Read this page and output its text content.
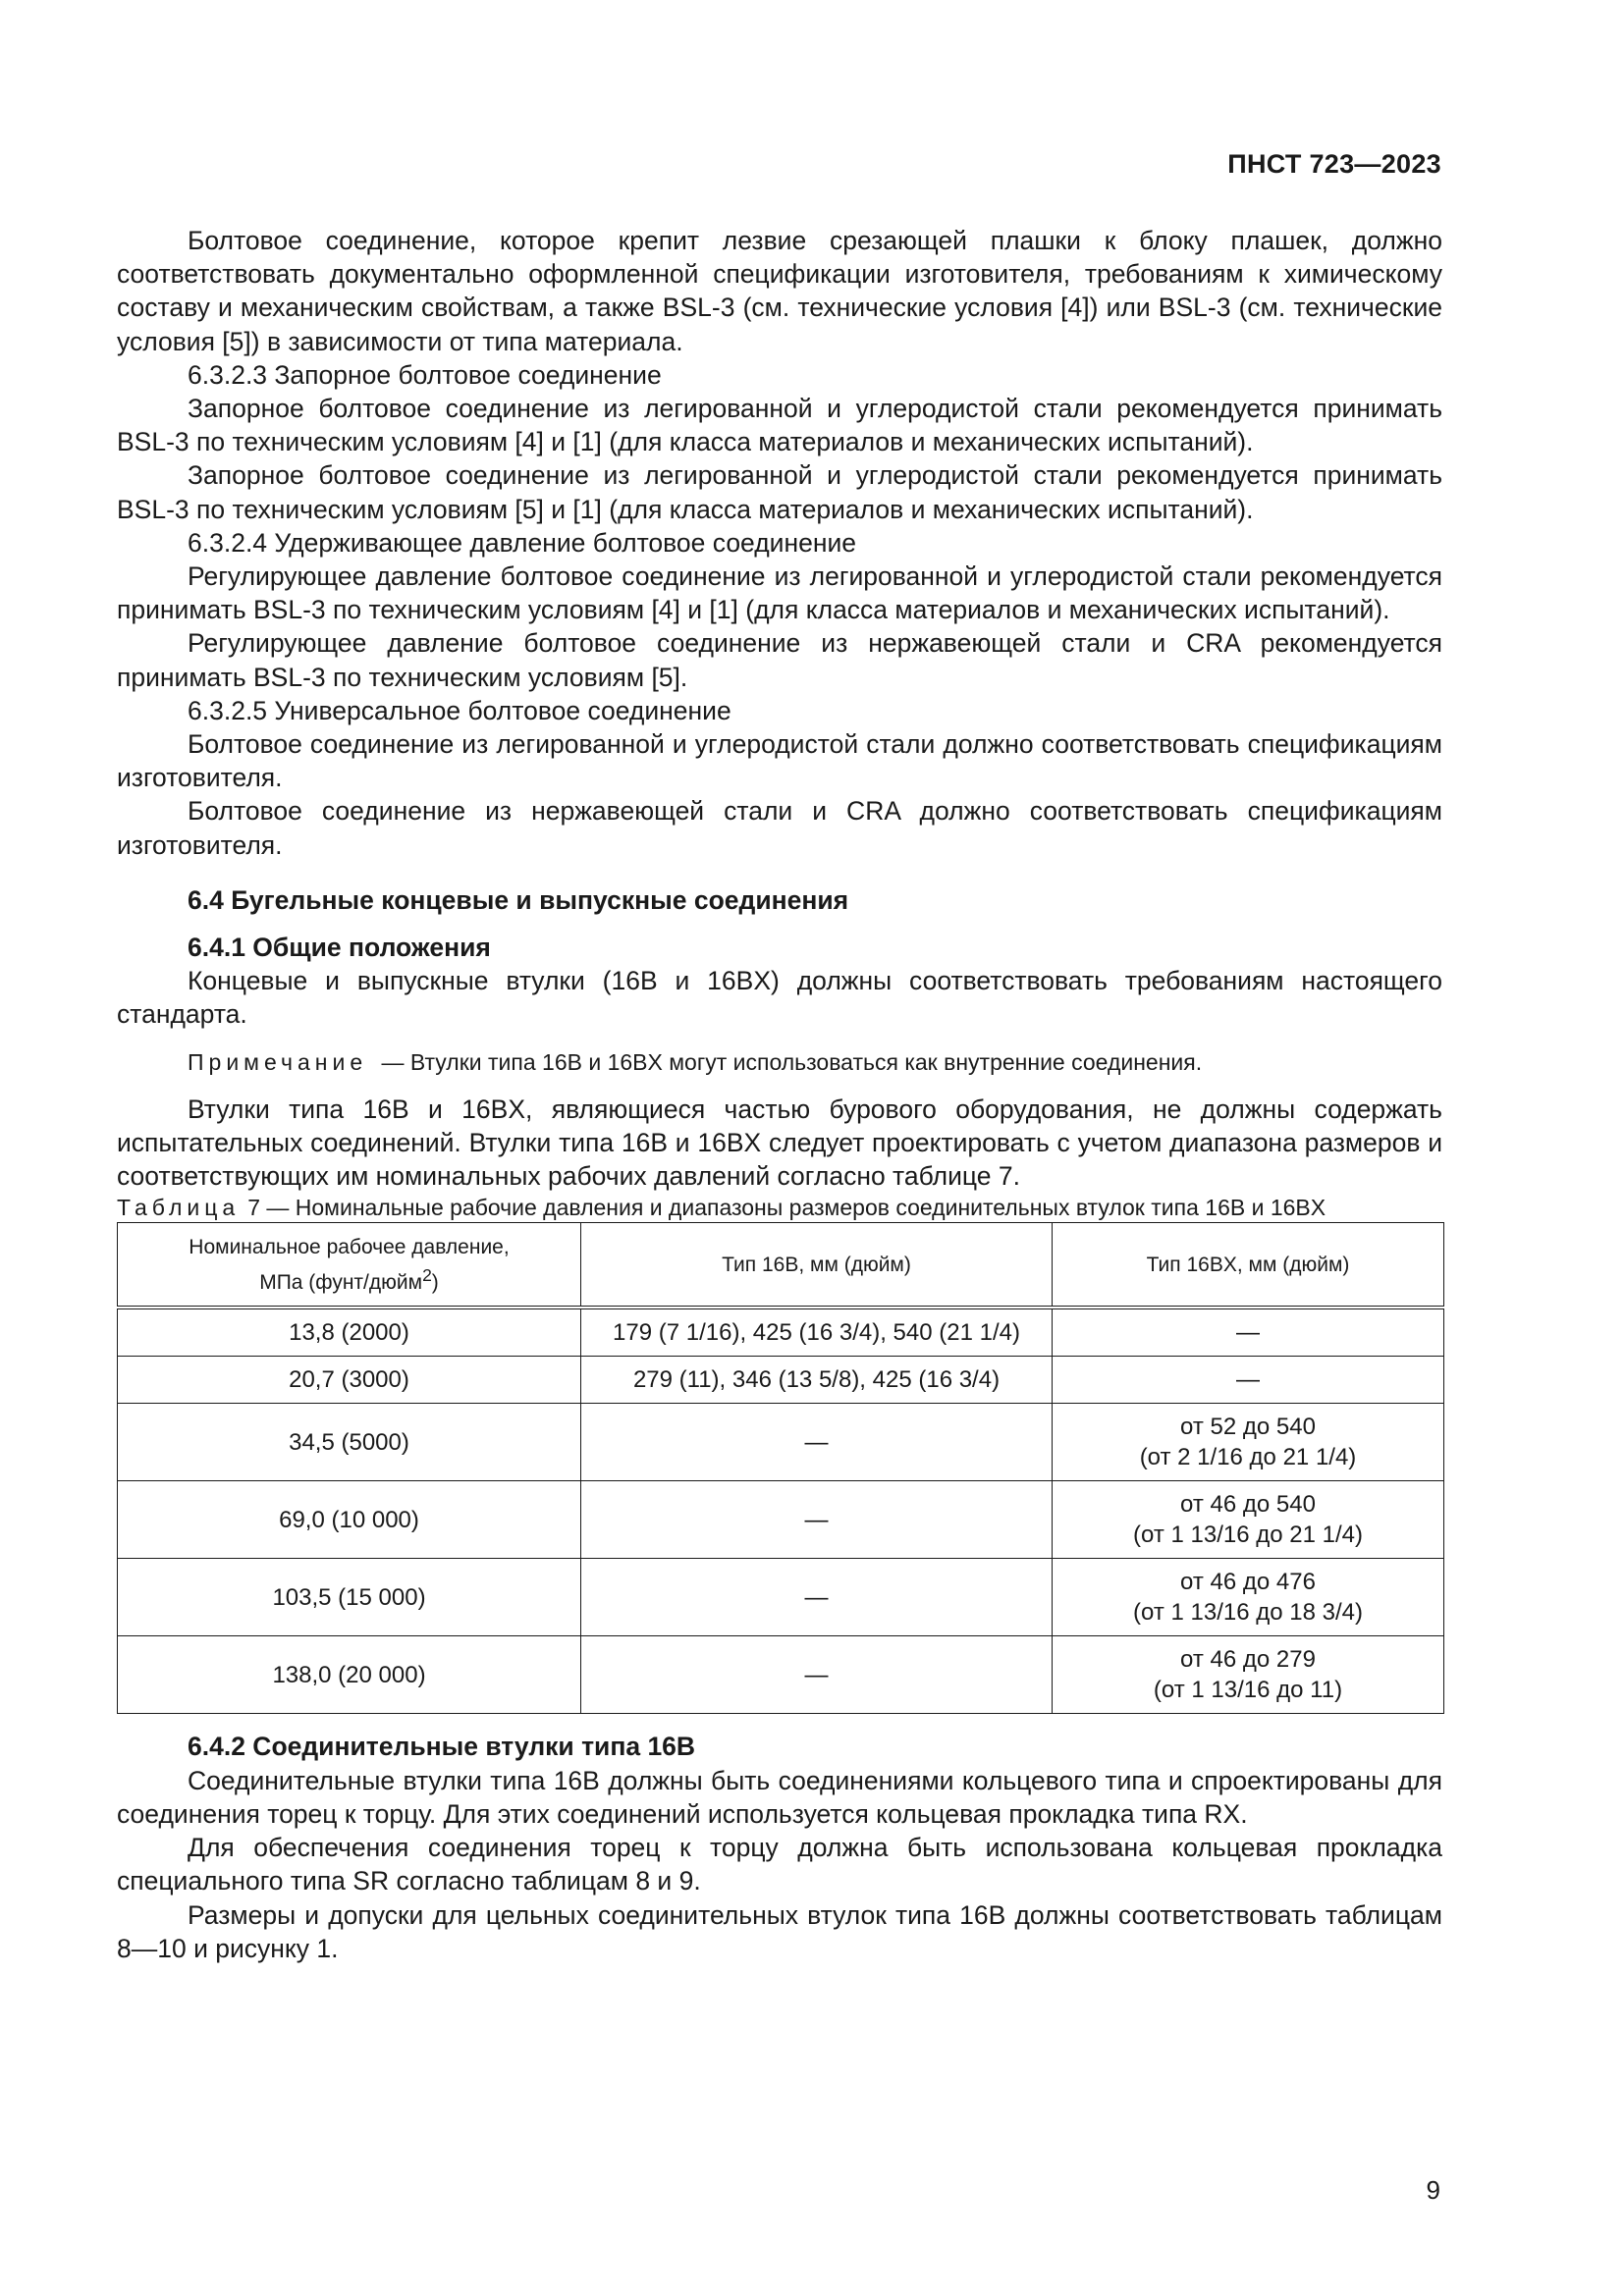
ПНСТ 723—2023

Болтовое соединение, которое крепит лезвие срезающей плашки к блоку плашек, должно соответствовать документально оформленной спецификации изготовителя, требованиям к химическому составу и механическим свойствам, а также BSL-3 (см. технические условия [4]) или BSL-3 (см. технические условия [5]) в зависимости от типа материала.

6.3.2.3 Запорное болтовое соединение

Запорное болтовое соединение из легированной и углеродистой стали рекомендуется принимать BSL-3 по техническим условиям [4] и [1] (для класса материалов и механических испытаний).

Запорное болтовое соединение из легированной и углеродистой стали рекомендуется принимать BSL-3 по техническим условиям [5] и [1] (для класса материалов и механических испытаний).

6.3.2.4 Удерживающее давление болтовое соединение

Регулирующее давление болтовое соединение из легированной и углеродистой стали рекомендуется принимать BSL-3 по техническим условиям [4] и [1] (для класса материалов и механических испытаний).

Регулирующее давление болтовое соединение из нержавеющей стали и CRA рекомендуется принимать BSL-3 по техническим условиям [5].

6.3.2.5 Универсальное болтовое соединение

Болтовое соединение из легированной и углеродистой стали должно соответствовать спецификациям изготовителя.

Болтовое соединение из нержавеющей стали и CRA должно соответствовать спецификациям изготовителя.

6.4 Бугельные концевые и выпускные соединения

6.4.1 Общие положения

Концевые и выпускные втулки (16B и 16BX) должны соответствовать требованиям настоящего стандарта.

Примечание — Втулки типа 16B и 16BX могут использоваться как внутренние соединения.

Втулки типа 16B и 16BX, являющиеся частью бурового оборудования, не должны содержать испытательных соединений. Втулки типа 16B и 16BX следует проектировать с учетом диапазона размеров и соответствующих им номинальных рабочих давлений согласно таблице 7.

Таблица 7 — Номинальные рабочие давления и диапазоны размеров соединительных втулок типа 16B и 16BX

Номинальное рабочее давление,
МПа (фунт/дюйм$^2$)	Тип 16B, мм (дюйм)	Тип 16BX, мм (дюйм)
13,8 (2000)	179 (7 1/16), 425 (16 3/4), 540 (21 1/4)	—
20,7 (3000)	279 (11), 346 (13 5/8), 425 (16 3/4)	—
34,5 (5000)	—	от 52 до 540
(от 2 1/16 до 21 1/4)
69,0 (10 000)	—	от 46 до 540
(от 1 13/16 до 21 1/4)
103,5 (15 000)	—	от 46 до 476
(от 1 13/16 до 18 3/4)
138,0 (20 000)	—	от 46 до 279
(от 1 13/16 до 11)

6.4.2 Соединительные втулки типа 16B

Соединительные втулки типа 16B должны быть соединениями кольцевого типа и спроектированы для соединения торец к торцу. Для этих соединений используется кольцевая прокладка типа RX.

Для обеспечения соединения торец к торцу должна быть использована кольцевая прокладка специального типа SR согласно таблицам 8 и 9.

Размеры и допуски для цельных соединительных втулок типа 16B должны соответствовать таблицам 8—10 и рисунку 1.

9
